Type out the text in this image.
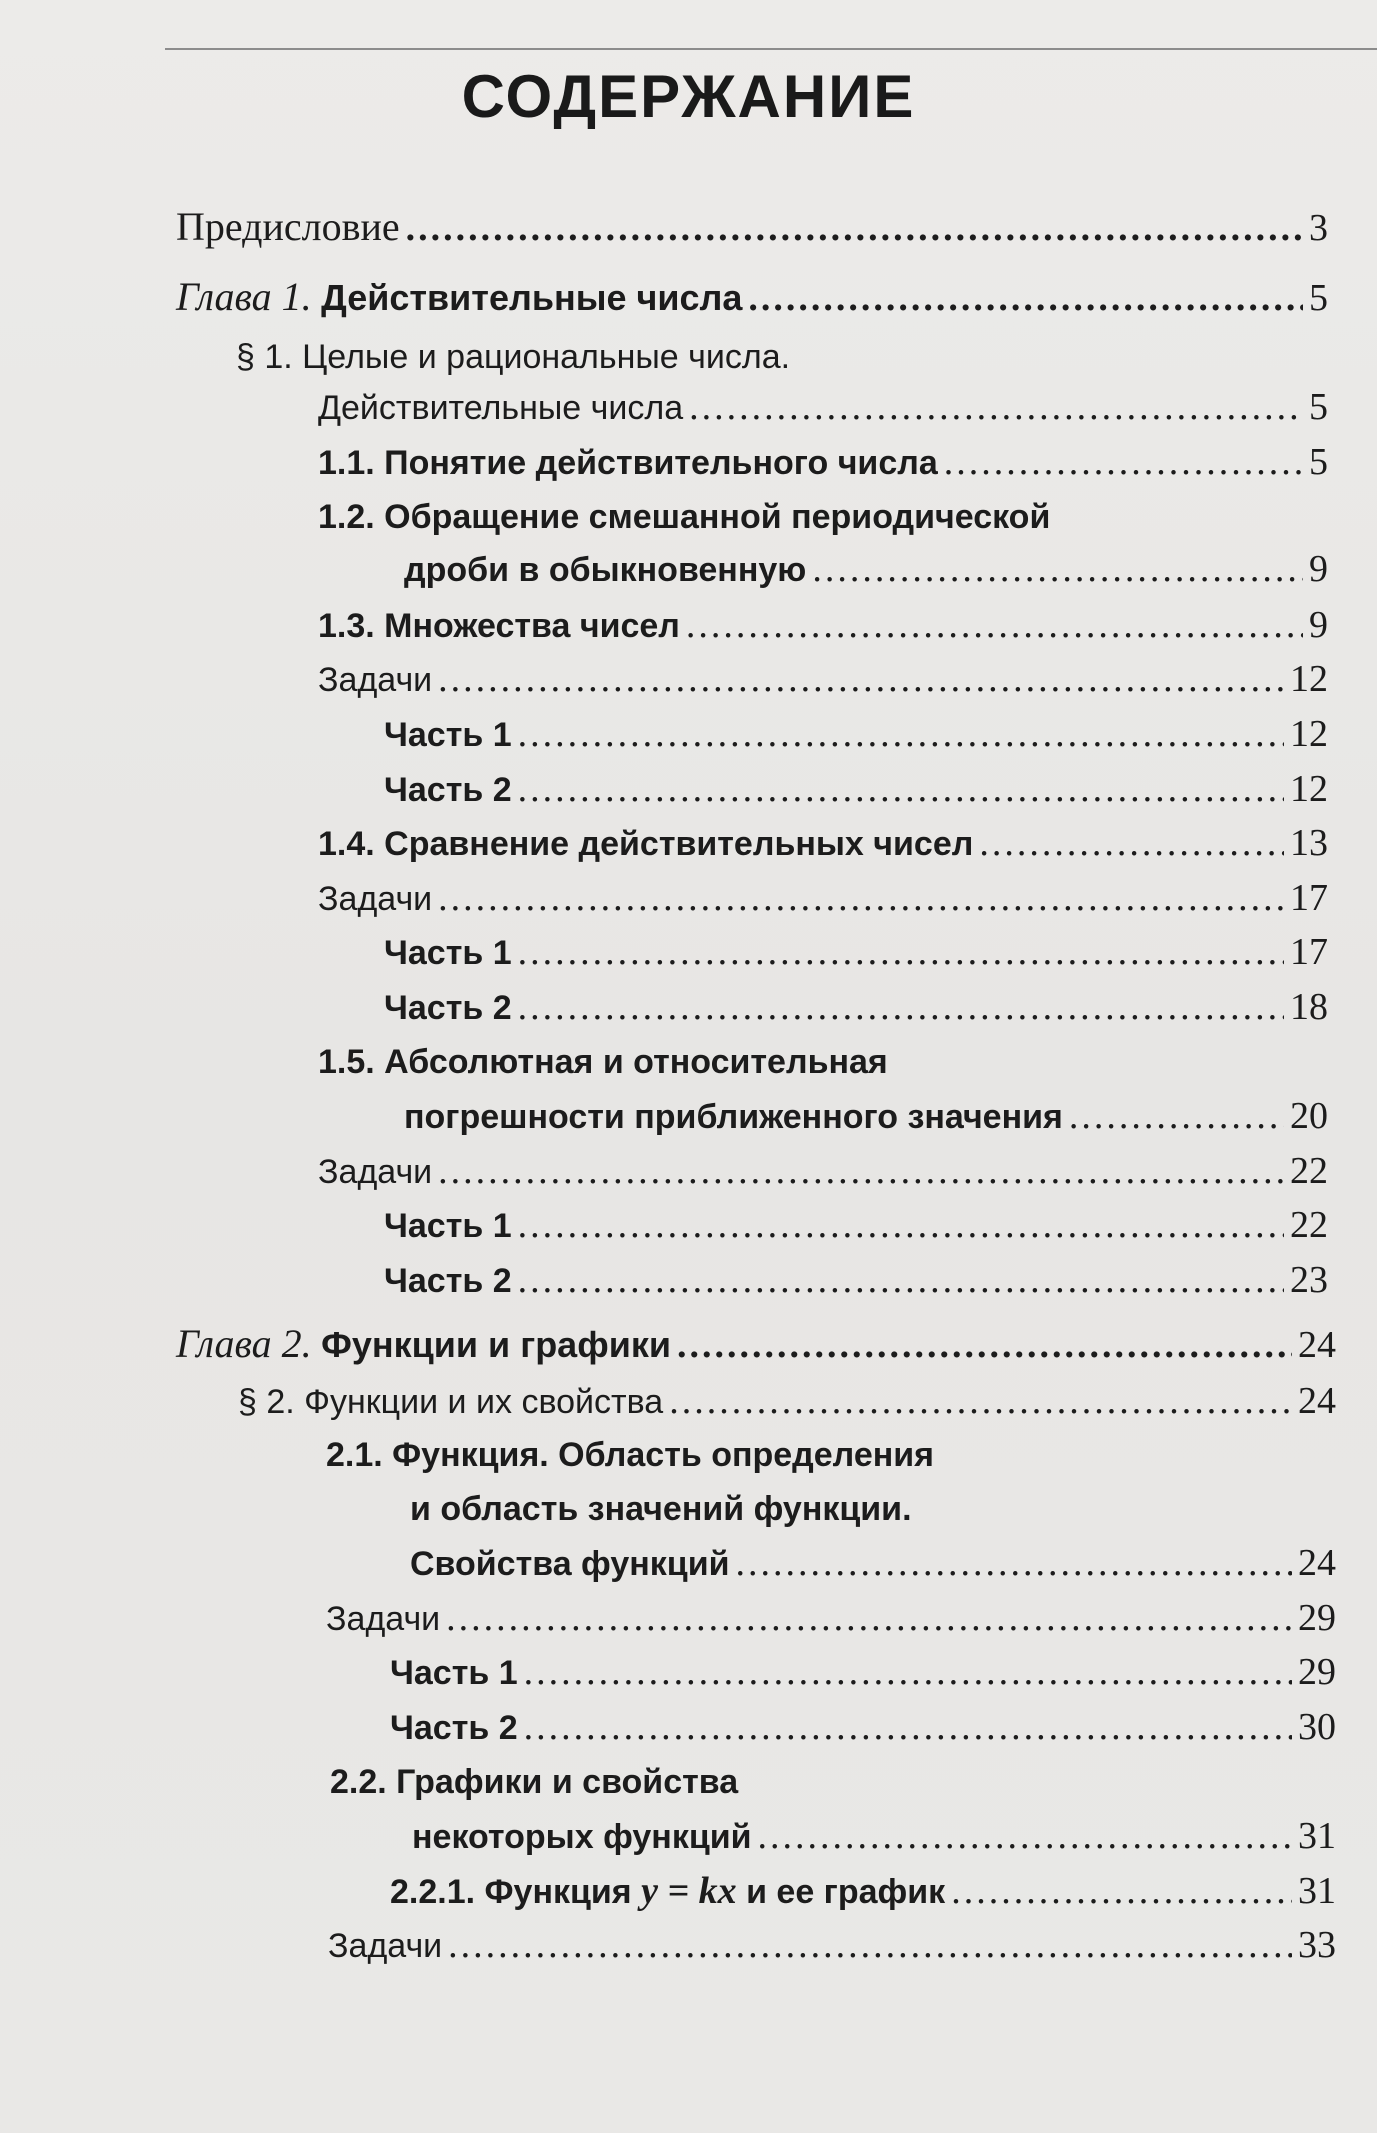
СОДЕРЖАНИЕ
Предисловие .....	3
Глава 1. Действительные числа .....	5
§ 1. Целые и рациональные числа.
Действительные числа .....	5
1.1. Понятие действительного числа .....	5
1.2. Обращение смешанной периодической
дроби в обыкновенную .....	9
1.3. Множества чисел .....	9
Задачи .....	12
Часть 1 .....	12
Часть 2 .....	12
1.4. Сравнение действительных чисел .....	13
Задачи .....	17
Часть 1 .....	17
Часть 2 .....	18
1.5. Абсолютная и относительная
погрешности приближенного значения .....	20
Задачи .....	22
Часть 1 .....	22
Часть 2 .....	23
Глава 2. Функции и графики .....	24
§ 2. Функции и их свойства .....	24
2.1. Функция. Область определения
и область значений функции.
Свойства функций .....	24
Задачи .....	29
Часть 1 .....	29
Часть 2 .....	30
2.2. Графики и свойства
некоторых функций .....	31
2.2.1. Функция y = kx и ее график .....	31
Задачи .....	33
